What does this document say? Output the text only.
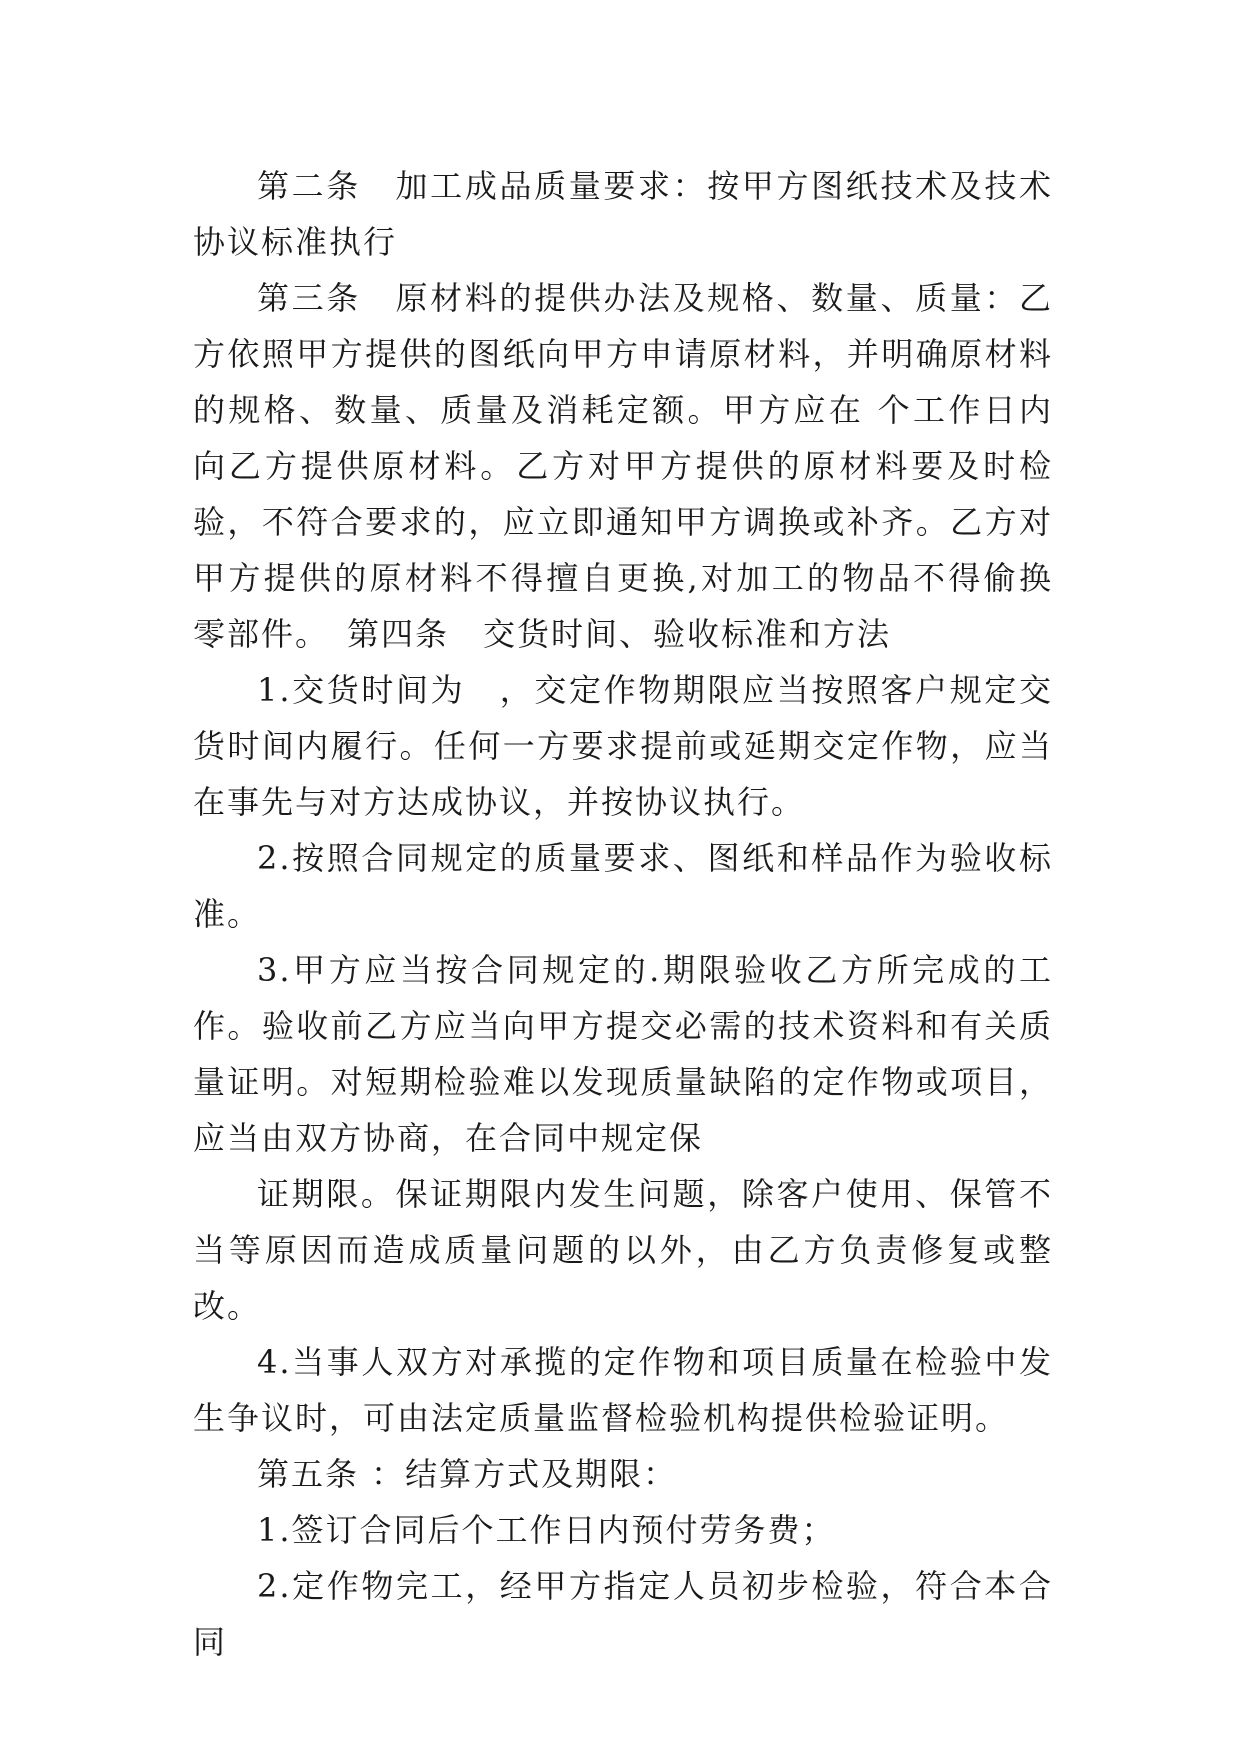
第二条　加工成品质量要求：按甲方图纸技术及技术协议标准执行

第三条　原材料的提供办法及规格、数量、质量：乙方依照甲方提供的图纸向甲方申请原材料，并明确原材料的规格、数量、质量及消耗定额。甲方应在 个工作日内向乙方提供原材料。乙方对甲方提供的原材料要及时检验，不符合要求的，应立即通知甲方调换或补齐。乙方对甲方提供的原材料不得擅自更换,对加工的物品不得偷换零部件。　第四条　交货时间、验收标准和方法

1.交货时间为　，交定作物期限应当按照客户规定交货时间内履行。任何一方要求提前或延期交定作物，应当在事先与对方达成协议，并按协议执行。

2.按照合同规定的质量要求、图纸和样品作为验收标准。

3.甲方应当按合同规定的.期限验收乙方所完成的工作。验收前乙方应当向甲方提交必需的技术资料和有关质量证明。对短期检验难以发现质量缺陷的定作物或项目，应当由双方协商，在合同中规定保

证期限。保证期限内发生问题，除客户使用、保管不当等原因而造成质量问题的以外，由乙方负责修复或整改。

4.当事人双方对承揽的定作物和项目质量在检验中发生争议时，可由法定质量监督检验机构提供检验证明。

第五条 ：结算方式及期限：

1.签订合同后个工作日内预付劳务费；

2.定作物完工，经甲方指定人员初步检验，符合本合同
